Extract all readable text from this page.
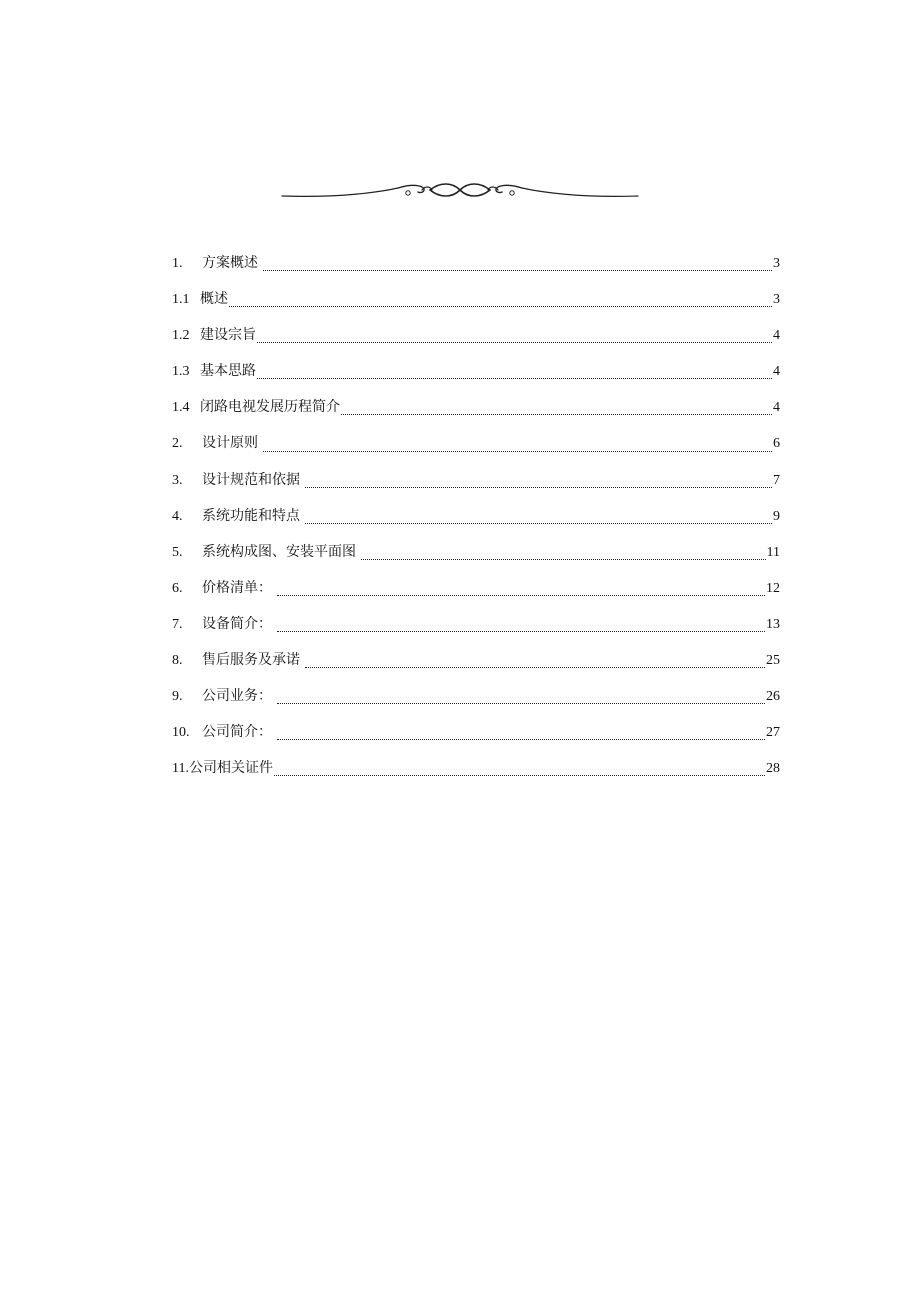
1.	方案概述	3
1.1 概述	3
1.2 建设宗旨	4
1.3 基本思路	4
1.4 闭路电视发展历程简介	4
2.	设计原则	6
3.	设计规范和依据	7
4.	系统功能和特点	9
5.	系统构成图、安装平面图	11
6.	价格清单：	12
7.	设备简介：	13
8.	售后服务及承诺	25
9.	公司业务：	26
10. 公司简介：	27
11. 公司相关证件	28
